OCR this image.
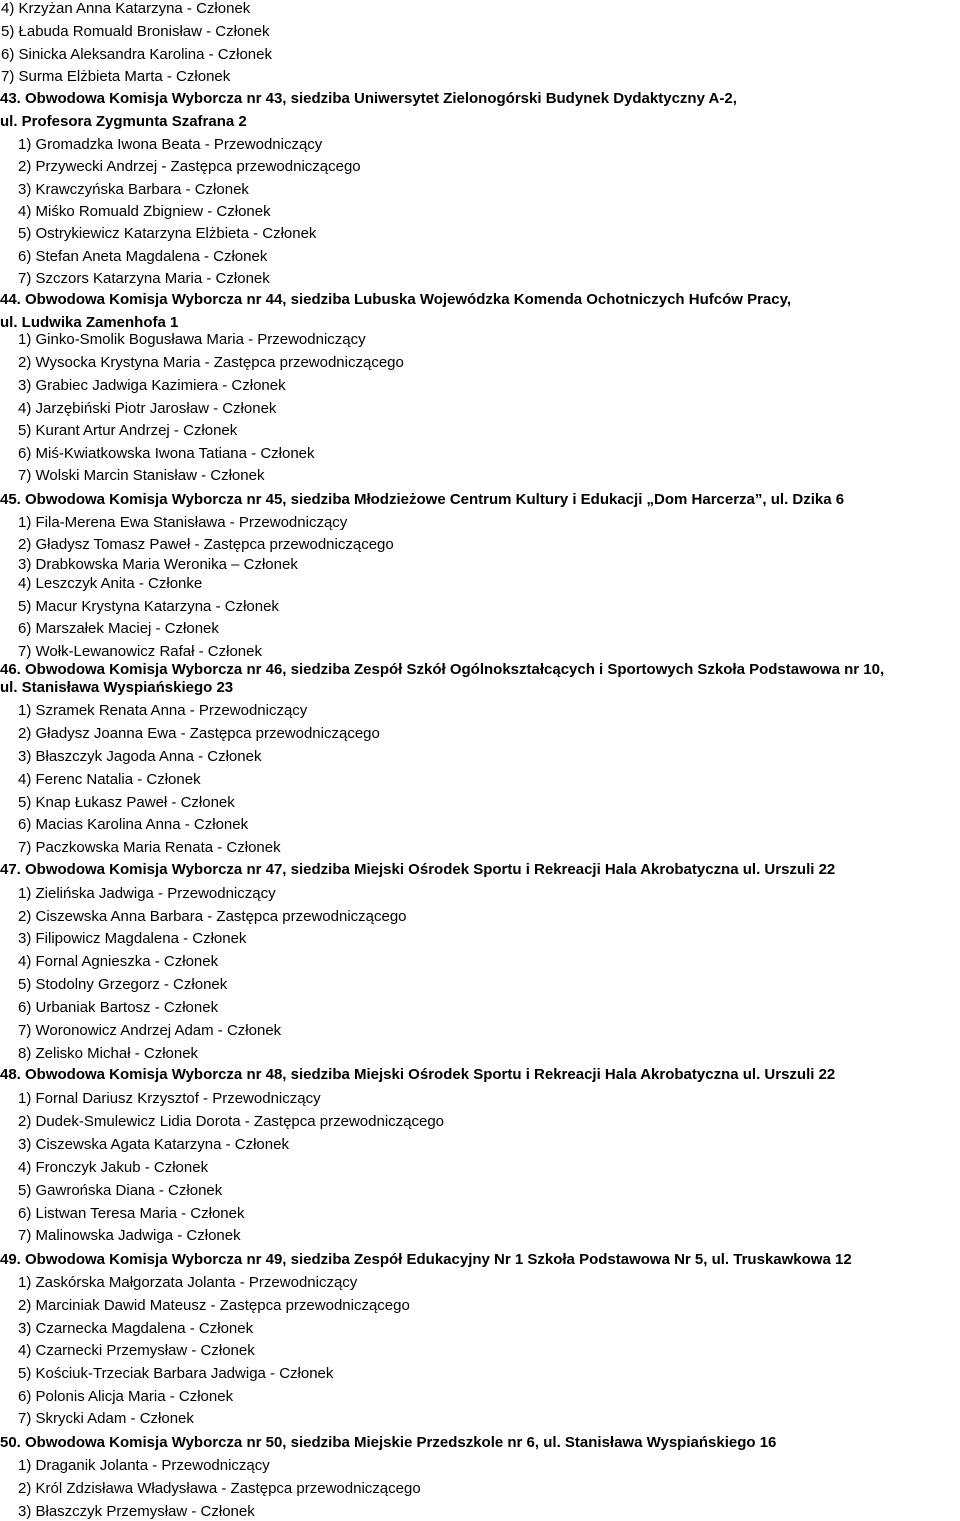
4) Krzyżan Anna Katarzyna - Członek
5) Łabuda Romuald Bronisław - Członek
6) Sinicka Aleksandra Karolina - Członek
7) Surma Elżbieta Marta - Członek
43. Obwodowa Komisja Wyborcza nr 43, siedziba Uniwersytet Zielonogórski Budynek Dydaktyczny A-2,
ul. Profesora Zygmunta Szafrana 2
1) Gromadzka Iwona Beata - Przewodniczący
2) Przywecki Andrzej - Zastępca przewodniczącego
3) Krawczyńska Barbara - Członek
4) Miśko Romuald Zbigniew - Członek
5) Ostrykiewicz Katarzyna Elżbieta - Członek
6) Stefan Aneta Magdalena - Członek
7) Szczors Katarzyna Maria - Członek
44. Obwodowa Komisja Wyborcza nr 44, siedziba Lubuska Wojewódzka Komenda Ochotniczych Hufców Pracy,
ul. Ludwika Zamenhofa 1
1) Ginko-Smolik Bogusława Maria - Przewodniczący
2) Wysocka Krystyna Maria - Zastępca przewodniczącego
3) Grabiec Jadwiga Kazimiera - Członek
4) Jarzębiński Piotr Jarosław - Członek
5) Kurant Artur Andrzej - Członek
6) Miś-Kwiatkowska Iwona Tatiana - Członek
7) Wolski Marcin Stanisław - Członek
45. Obwodowa Komisja Wyborcza nr 45, siedziba Młodzieżowe Centrum Kultury i Edukacji „Dom Harcerza”, ul. Dzika 6
1) Fila-Merena Ewa Stanisława - Przewodniczący
2) Gładysz Tomasz Paweł - Zastępca przewodniczącego
3) Drabkowska Maria Weronika – Członek
4) Leszczyk Anita - Członke
5) Macur Krystyna Katarzyna - Członek
6) Marszałek Maciej - Członek
7) Wołk-Lewanowicz Rafał - Członek
46. Obwodowa Komisja Wyborcza nr 46, siedziba Zespół Szkół Ogólnokształcących i Sportowych Szkoła Podstawowa nr 10,
ul. Stanisława Wyspiańskiego 23
1) Szramek Renata Anna - Przewodniczący
2) Gładysz Joanna Ewa - Zastępca przewodniczącego
3) Błaszczyk Jagoda Anna - Członek
4) Ferenc Natalia - Członek
5) Knap Łukasz Paweł - Członek
6) Macias Karolina Anna - Członek
7) Paczkowska Maria Renata - Członek
47. Obwodowa Komisja Wyborcza nr 47, siedziba Miejski Ośrodek Sportu i Rekreacji Hala Akrobatyczna ul. Urszuli 22
1) Zielińska Jadwiga - Przewodniczący
2) Ciszewska Anna Barbara - Zastępca przewodniczącego
3) Filipowicz Magdalena - Członek
4) Fornal Agnieszka - Członek
5) Stodolny Grzegorz - Członek
6) Urbaniak Bartosz - Członek
7) Woronowicz Andrzej Adam - Członek
8) Zelisko Michał - Członek
48. Obwodowa Komisja Wyborcza nr 48, siedziba Miejski Ośrodek Sportu i Rekreacji Hala Akrobatyczna ul. Urszuli 22
1) Fornal Dariusz Krzysztof - Przewodniczący
2) Dudek-Smulewicz Lidia Dorota - Zastępca przewodniczącego
3) Ciszewska Agata Katarzyna - Członek
4) Fronczyk Jakub - Członek
5) Gawrońska Diana - Członek
6) Listwan Teresa Maria - Członek
7) Malinowska Jadwiga - Członek
49. Obwodowa Komisja Wyborcza nr 49, siedziba Zespół Edukacyjny Nr 1 Szkoła Podstawowa Nr 5, ul. Truskawkowa 12
1) Zaskórska Małgorzata Jolanta - Przewodniczący
2) Marciniak Dawid Mateusz - Zastępca przewodniczącego
3) Czarnecka Magdalena - Członek
4) Czarnecki Przemysław - Członek
5) Kościuk-Trzeciak Barbara Jadwiga - Członek
6) Polonis Alicja Maria - Członek
7) Skrycki Adam - Członek
50. Obwodowa Komisja Wyborcza nr 50, siedziba Miejskie Przedszkole nr 6, ul. Stanisława Wyspiańskiego 16
1) Draganik Jolanta - Przewodniczący
2) Król Zdzisława Władysława - Zastępca przewodniczącego
3) Błaszczyk Przemysław - Członek
